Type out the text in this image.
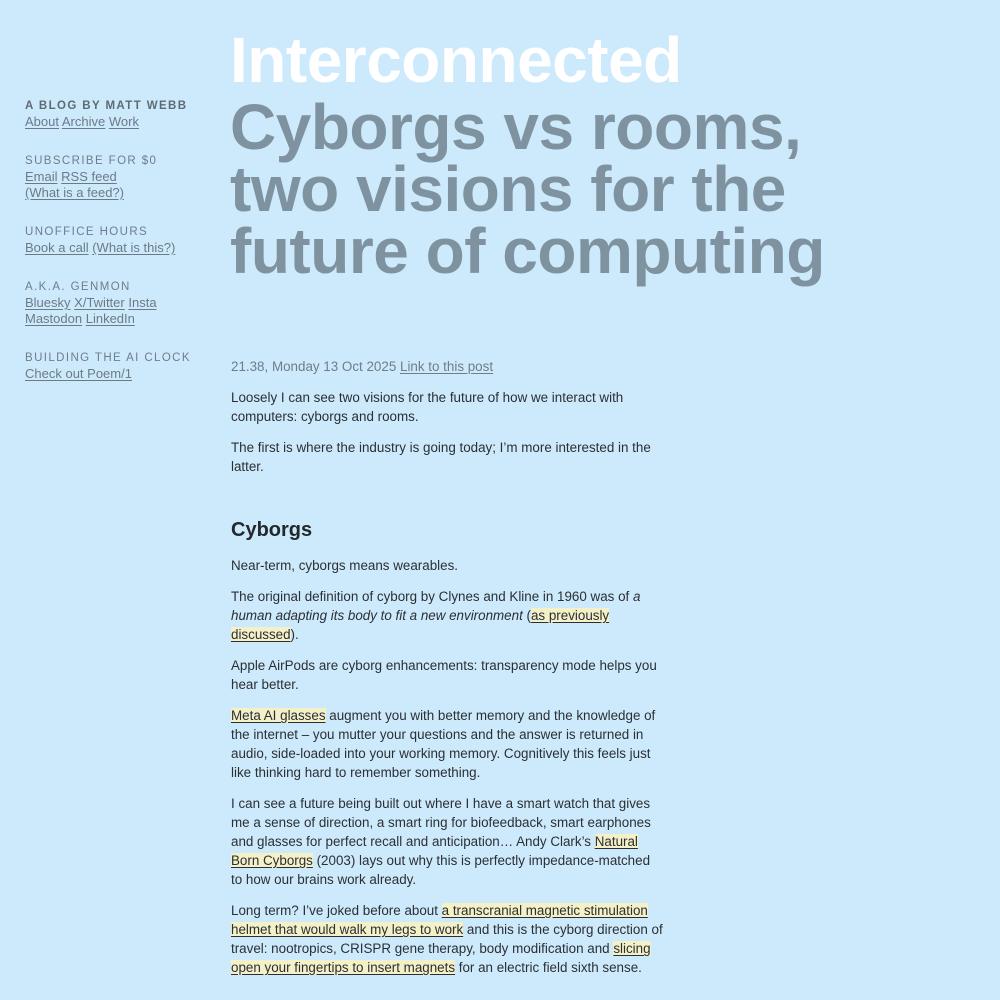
A BLOG BY MATT WEBB
About Archive Work
SUBSCRIBE FOR $0
Email RSS feed
(What is a feed?)
UNOFFICE HOURS
Book a call (What is this?)
A.K.A. GENMON
Bluesky X/Twitter Insta
Mastodon LinkedIn
BUILDING THE AI CLOCK
Check out Poem/1
Interconnected
Cyborgs vs rooms, two visions for the future of computing

21.38, Monday 13 Oct 2025 Link to this post

Loosely I can see two visions for the future of how we interact with computers: cyborgs and rooms.

The first is where the industry is going today; I’m more interested in the latter.

Cyborgs

Near-term, cyborgs means wearables.

The original definition of cyborg by Clynes and Kline in 1960 was of a human adapting its body to fit a new environment (as previously discussed).

Apple AirPods are cyborg enhancements: transparency mode helps you hear better.

Meta AI glasses augment you with better memory and the knowledge of the internet – you mutter your questions and the answer is returned in audio, side-loaded into your working memory. Cognitively this feels just like thinking hard to remember something.

I can see a future being built out where I have a smart watch that gives me a sense of direction, a smart ring for biofeedback, smart earphones and glasses for perfect recall and anticipation… Andy Clark’s Natural Born Cyborgs (2003) lays out why this is perfectly impedance-matched to how our brains work already.

Long term? I’ve joked before about a transcranial magnetic stimulation helmet that would walk my legs to work and this is the cyborg direction of travel: nootropics, CRISPR gene therapy, body modification and slicing open your fingertips to insert magnets for an electric field sixth sense.
